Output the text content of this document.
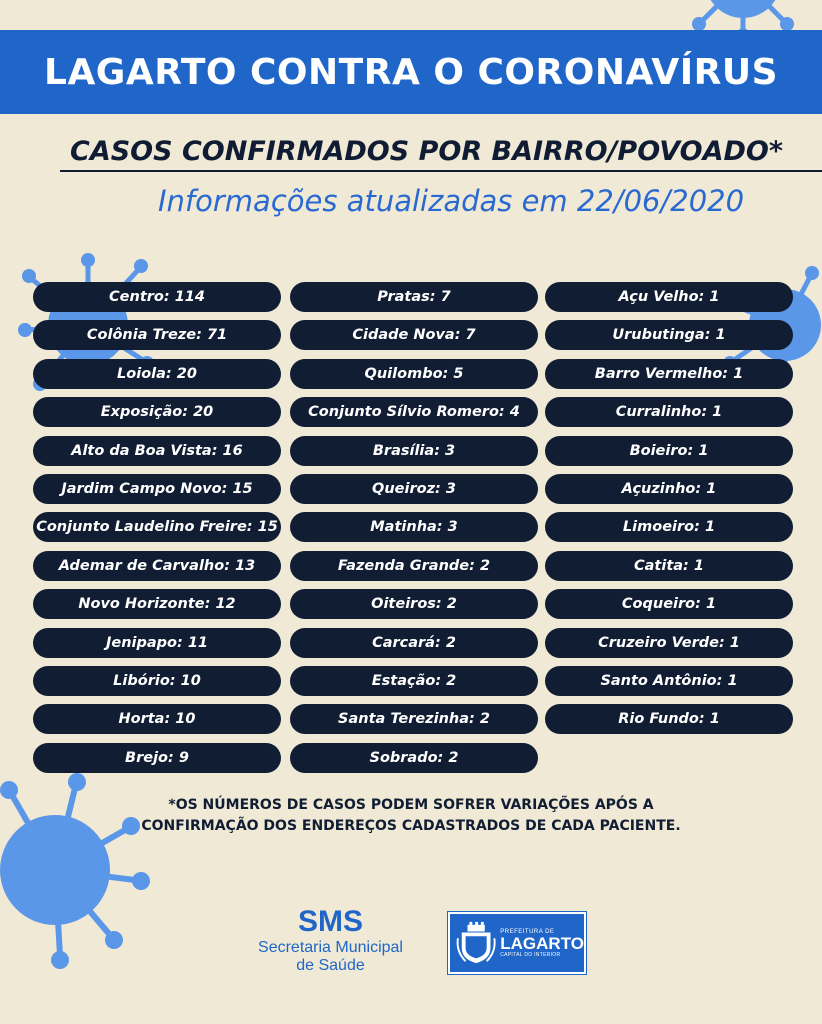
LAGARTO CONTRA O CORONAVÍRUS
CASOS CONFIRMADOS POR BAIRRO/POVOADO*
Informações atualizadas em 22/06/2020
Centro: 114
Colônia Treze: 71
Loiola: 20
Exposição: 20
Alto da Boa Vista: 16
Jardim Campo Novo: 15
Conjunto Laudelino Freire: 15
Ademar de Carvalho: 13
Novo Horizonte: 12
Jenipapo: 11
Libório: 10
Horta: 10
Brejo: 9
Pratas: 7
Cidade Nova: 7
Quilombo: 5
Conjunto Sílvio Romero: 4
Brasília: 3
Queiroz: 3
Matinha: 3
Fazenda Grande: 2
Oiteiros: 2
Carcará: 2
Estação: 2
Santa Terezinha: 2
Sobrado: 2
Açu Velho: 1
Urubutinga: 1
Barro Vermelho: 1
Curralinho: 1
Boieiro: 1
Açuzinho: 1
Limoeiro: 1
Catita: 1
Coqueiro: 1
Cruzeiro Verde: 1
Santo Antônio: 1
Rio Fundo: 1
*OS NÚMEROS DE CASOS PODEM SOFRER VARIAÇÕES APÓS A
CONFIRMAÇÃO DOS ENDEREÇOS CADASTRADOS DE CADA PACIENTE.
SMS
Secretaria Municipal
de Saúde
PREFEITURA DE
LAGARTO
CAPITAL DO INTERIOR
